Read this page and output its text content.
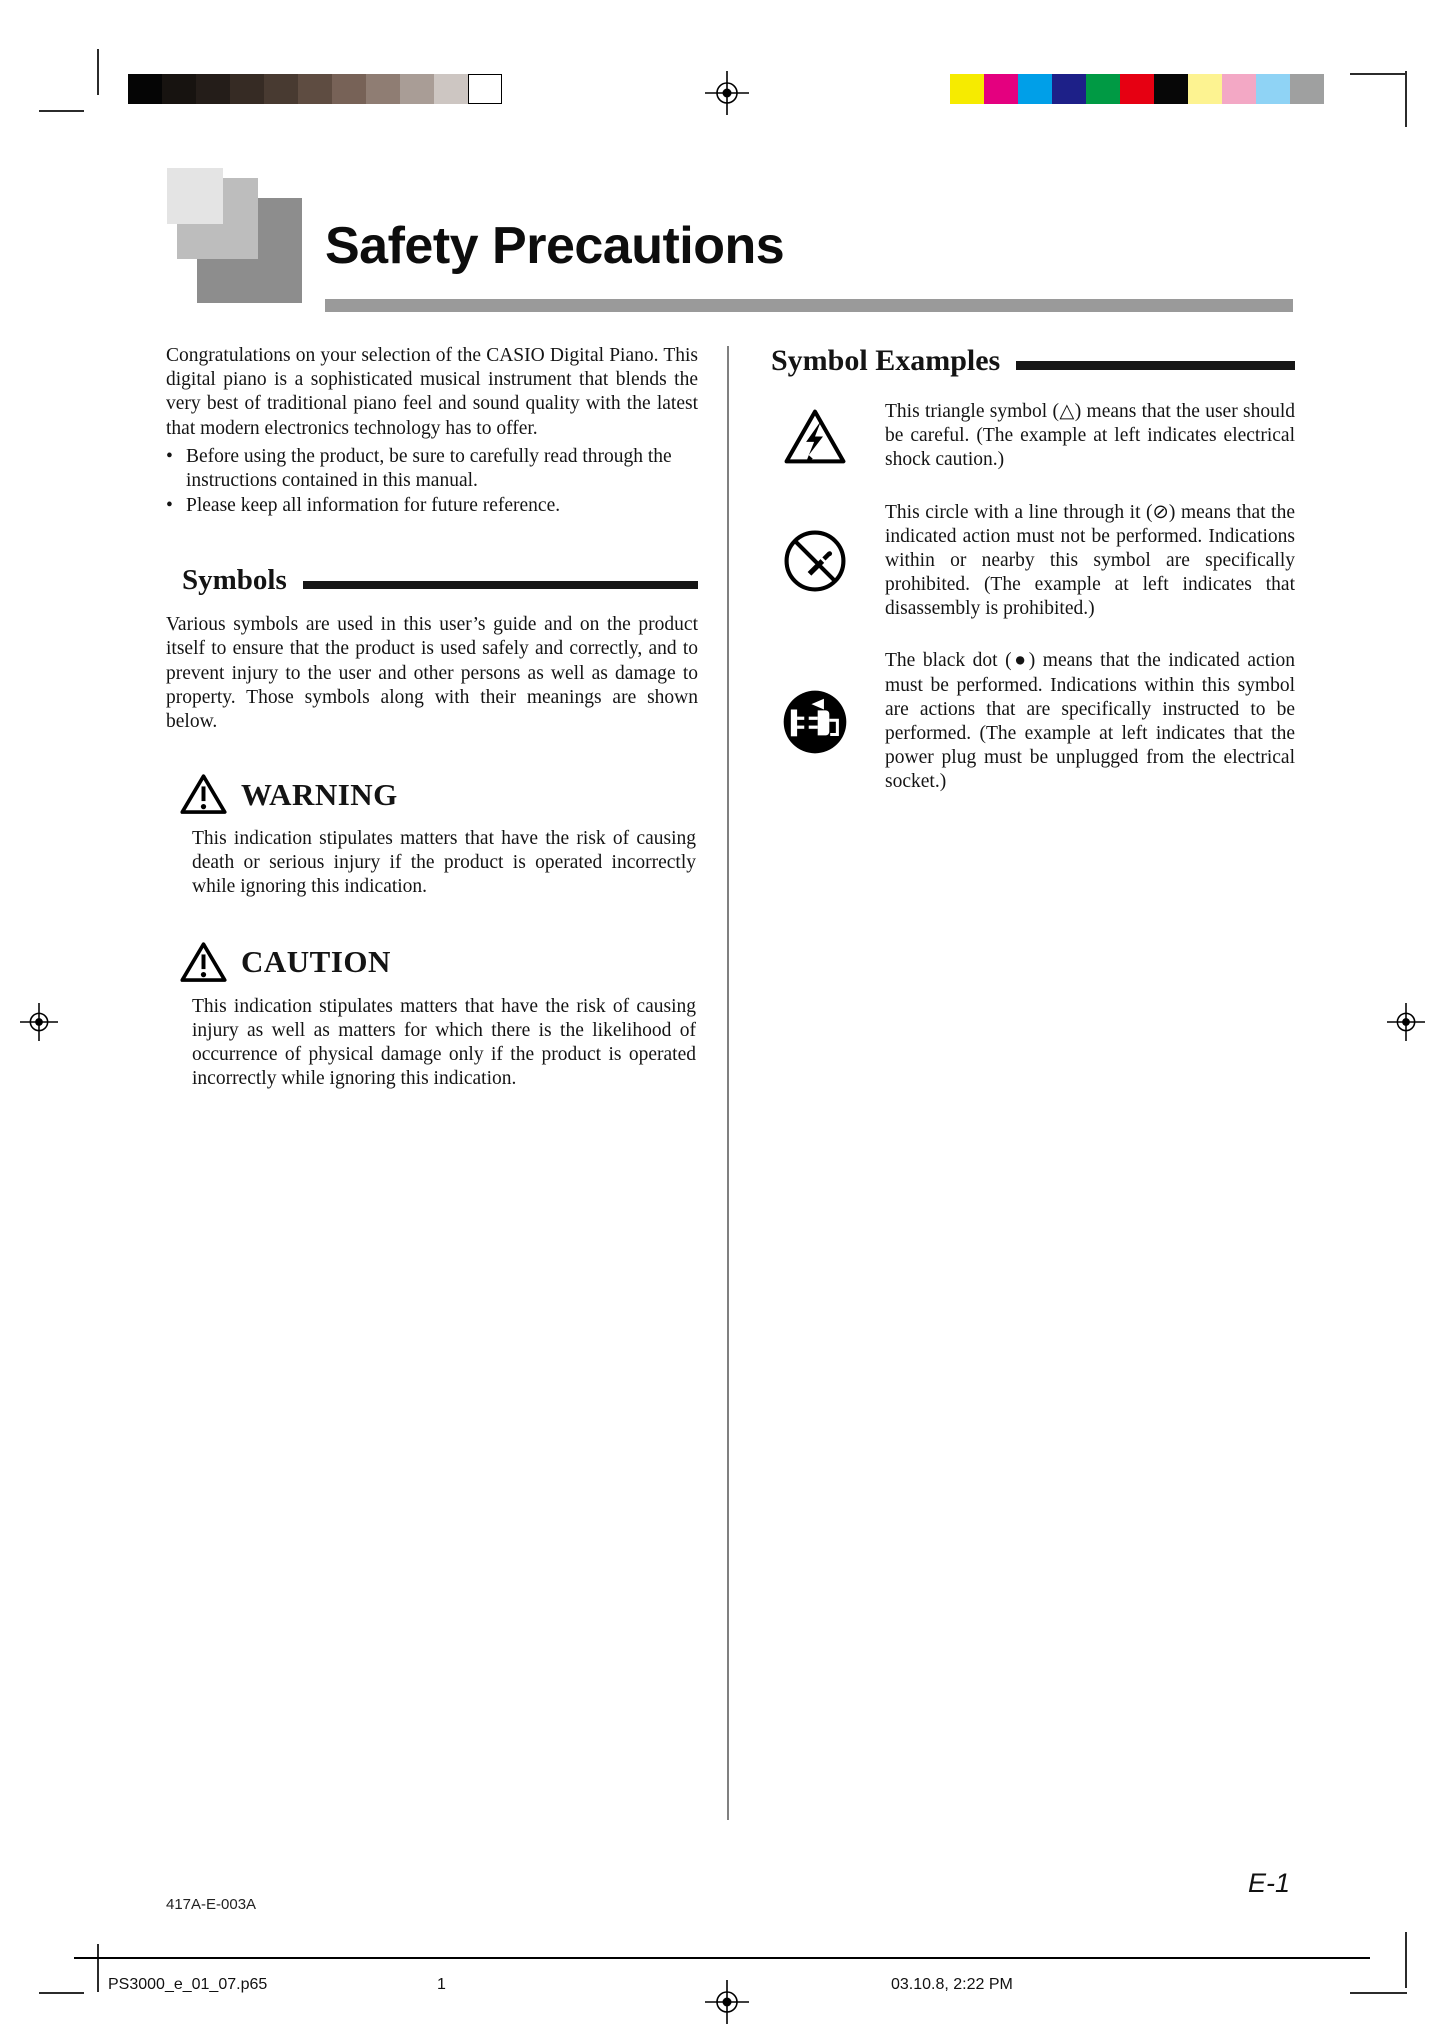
Safety Precautions

Congratulations on your selection of the CASIO Digital Piano. This digital piano is a sophisticated musical instrument that blends the very best of traditional piano feel and sound quality with the latest that modern electronics technology has to offer.

• Before using the product, be sure to carefully read through the instructions contained in this manual.
• Please keep all information for future reference.
Symbols

Various symbols are used in this user’s guide and on the product itself to ensure that the product is used safely and correctly, and to prevent injury to the user and other persons as well as damage to property. Those symbols along with their meanings are shown below.

WARNING

This indication stipulates matters that have the risk of causing death or serious injury if the product is operated incorrectly while ignoring this indication.

CAUTION

This indication stipulates matters that have the risk of causing injury as well as matters for which there is the likelihood of occurrence of physical damage only if the product is operated incorrectly while ignoring this indication.

Symbol Examples

This triangle symbol (△) means that the user should be careful. (The example at left indicates electrical shock caution.)

This circle with a line through it (⊘) means that the indicated action must not be performed. Indications within or nearby this symbol are specifically prohibited. (The example at left indicates that disassembly is prohibited.)

The black dot (●) means that the indicated action must be performed. Indications within this symbol are actions that are specifically instructed to be performed. (The example at left indicates that the power plug must be unplugged from the electrical socket.)

417A-E-003A
E-1
PS3000_e_01_07.p65	1	03.10.8, 2:22 PM
